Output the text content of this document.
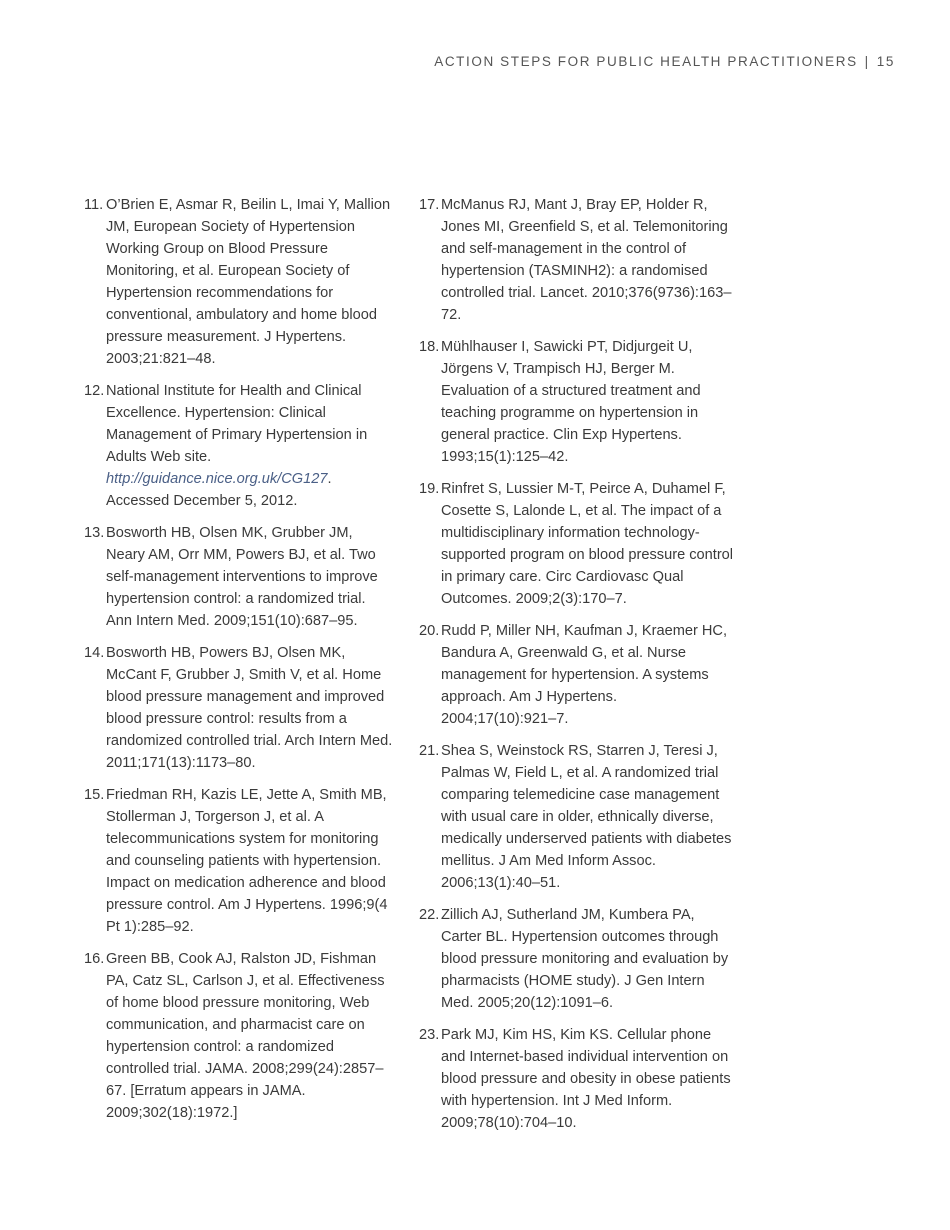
ACTION STEPS FOR PUBLIC HEALTH PRACTITIONERS | 15
11. O’Brien E, Asmar R, Beilin L, Imai Y, Mallion JM, European Society of Hypertension Working Group on Blood Pressure Monitoring, et al. European Society of Hypertension recommendations for conventional, ambulatory and home blood pressure measurement. J Hypertens. 2003;21:821–48.
12. National Institute for Health and Clinical Excellence. Hypertension: Clinical Management of Primary Hypertension in Adults Web site. http://guidance.nice.org.uk/CG127. Accessed December 5, 2012.
13. Bosworth HB, Olsen MK, Grubber JM, Neary AM, Orr MM, Powers BJ, et al. Two self-management interventions to improve hypertension control: a randomized trial. Ann Intern Med. 2009;151(10):687–95.
14. Bosworth HB, Powers BJ, Olsen MK, McCant F, Grubber J, Smith V, et al. Home blood pressure management and improved blood pressure control: results from a randomized controlled trial. Arch Intern Med. 2011;171(13):1173–80.
15. Friedman RH, Kazis LE, Jette A, Smith MB, Stollerman J, Torgerson J, et al. A telecommunications system for monitoring and counseling patients with hypertension. Impact on medication adherence and blood pressure control. Am J Hypertens. 1996;9(4 Pt 1):285–92.
16. Green BB, Cook AJ, Ralston JD, Fishman PA, Catz SL, Carlson J, et al. Effectiveness of home blood pressure monitoring, Web communication, and pharmacist care on hypertension control: a randomized controlled trial. JAMA. 2008;299(24):2857–67. [Erratum appears in JAMA. 2009;302(18):1972.]
17. McManus RJ, Mant J, Bray EP, Holder R, Jones MI, Greenfield S, et al. Telemonitoring and self-management in the control of hypertension (TASMINH2): a randomised controlled trial. Lancet. 2010;376(9736):163–72.
18. Mühlhauser I, Sawicki PT, Didjurgeit U, Jörgens V, Trampisch HJ, Berger M. Evaluation of a structured treatment and teaching programme on hypertension in general practice. Clin Exp Hypertens. 1993;15(1):125–42.
19. Rinfret S, Lussier M-T, Peirce A, Duhamel F, Cosette S, Lalonde L, et al. The impact of a multidisciplinary information technology-supported program on blood pressure control in primary care. Circ Cardiovasc Qual Outcomes. 2009;2(3):170–7.
20. Rudd P, Miller NH, Kaufman J, Kraemer HC, Bandura A, Greenwald G, et al. Nurse management for hypertension. A systems approach. Am J Hypertens. 2004;17(10):921–7.
21. Shea S, Weinstock RS, Starren J, Teresi J, Palmas W, Field L, et al. A randomized trial comparing telemedicine case management with usual care in older, ethnically diverse, medically underserved patients with diabetes mellitus. J Am Med Inform Assoc. 2006;13(1):40–51.
22. Zillich AJ, Sutherland JM, Kumbera PA, Carter BL. Hypertension outcomes through blood pressure monitoring and evaluation by pharmacists (HOME study). J Gen Intern Med. 2005;20(12):1091–6.
23. Park MJ, Kim HS, Kim KS. Cellular phone and Internet-based individual intervention on blood pressure and obesity in obese patients with hypertension. Int J Med Inform. 2009;78(10):704–10.
